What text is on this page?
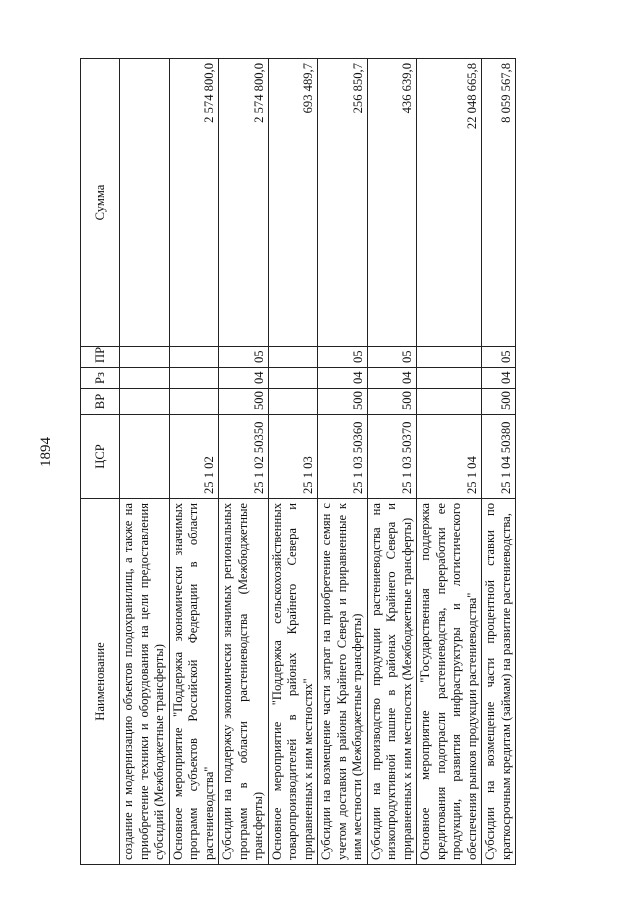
1894
Наименование	ЦСР	ВР	Рз	ПР	Сумма
создание и модернизацию объектов плодохранилищ, а также на приобретение техники и оборудования на цели предоставления субсидий (Межбюджетные трансферты)					
Основное мероприятие "Поддержка экономически значимых программ субъектов Российской Федерации в области растениеводства"	25 1 02				2 574 800,0
Субсидии на поддержку экономически значимых региональных программ в области растениеводства (Межбюджетные трансферты)	25 1 02 50350	500	04	05	2 574 800,0
Основное мероприятие "Поддержка сельскохозяйственных товаропроизводителей в районах Крайнего Севера и приравненных к ним местностях"	25 1 03				693 489,7
Субсидии на возмещение части затрат на приобретение семян с учетом доставки в районы Крайнего Севера и приравненные к ним местности (Межбюджетные трансферты)	25 1 03 50360	500	04	05	256 850,7
Субсидии на производство продукции растениеводства на низкопродуктивной пашне в районах Крайнего Севера и приравненных к ним местностях (Межбюджетные трансферты)	25 1 03 50370	500	04	05	436 639,0
Основное мероприятие "Государственная поддержка кредитования подотрасли растениеводства, переработки ее продукции, развития инфраструктуры и логистического обеспечения рынков продукции растениеводства"	25 1 04				22 048 665,8
Субсидии на возмещение части процентной ставки по краткосрочным кредитам (займам) на развитие растениеводства,	25 1 04 50380	500	04	05	8 059 567,8
